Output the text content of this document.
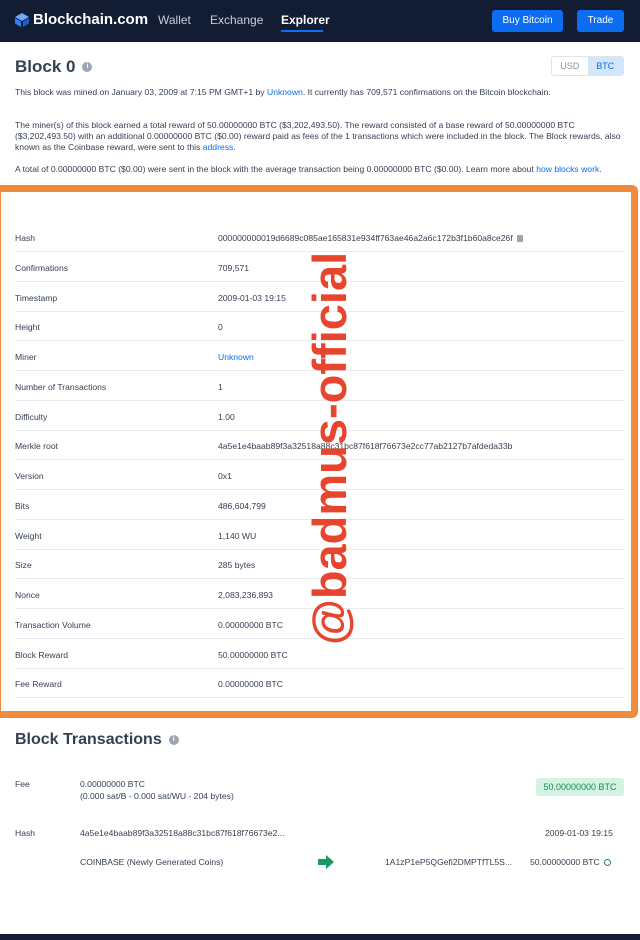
Blockchain.com Wallet Exchange Explorer	Buy Bitcoin	Trade
Block 0	i	USD	BTC

This block was mined on January 03, 2009 at 7:15 PM GMT+1 by Unknown. It currently has 709,571 confirmations on the Bitcoin blockchain.

The miner(s) of this block earned a total reward of 50.00000000 BTC ($3,202,493.50). The reward consisted of a base reward of 50.00000000 BTC ($3,202,493.50) with an additional 0.00000000 BTC ($0.00) reward paid as fees of the 1 transactions which were included in the block. The Block rewards, also known as the Coinbase reward, were sent to this address.

A total of 0.00000000 BTC ($0.00) were sent in the block with the average transaction being 0.00000000 BTC ($0.00). Learn more about how blocks work.

Hash	000000000019d6689c085ae165831e934ff763ae46a2a6c172b3f1b60a8ce26f
Confirmations	709,571
Timestamp	2009-01-03 19:15
Height	0
Miner	Unknown
Number of Transactions	1
Difficulty	1.00
Merkle root	4a5e1e4baab89f3a32518a88c31bc87f618f76673e2cc77ab2127b7afdeda33b
Version	0x1
Bits	486,604,799
Weight	1,140 WU
Size	285 bytes
Nonce	2,083,236,893
Transaction Volume	0.00000000 BTC
Block Reward	50.00000000 BTC
Fee Reward	0.00000000 BTC
@badmus-official
Block Transactions	i
Fee	0.00000000 BTC
(0.000 sat/B - 0.000 sat/WU - 204 bytes)
50.00000000 BTC
Hash	4a5e1e4baab89f3a32518a88c31bc87f618f76673e2...	2009-01-03 19:15
COINBASE (Newly Generated Coins)	1A1zP1eP5QGefi2DMPTfTL5S... 50.00000000 BTC
